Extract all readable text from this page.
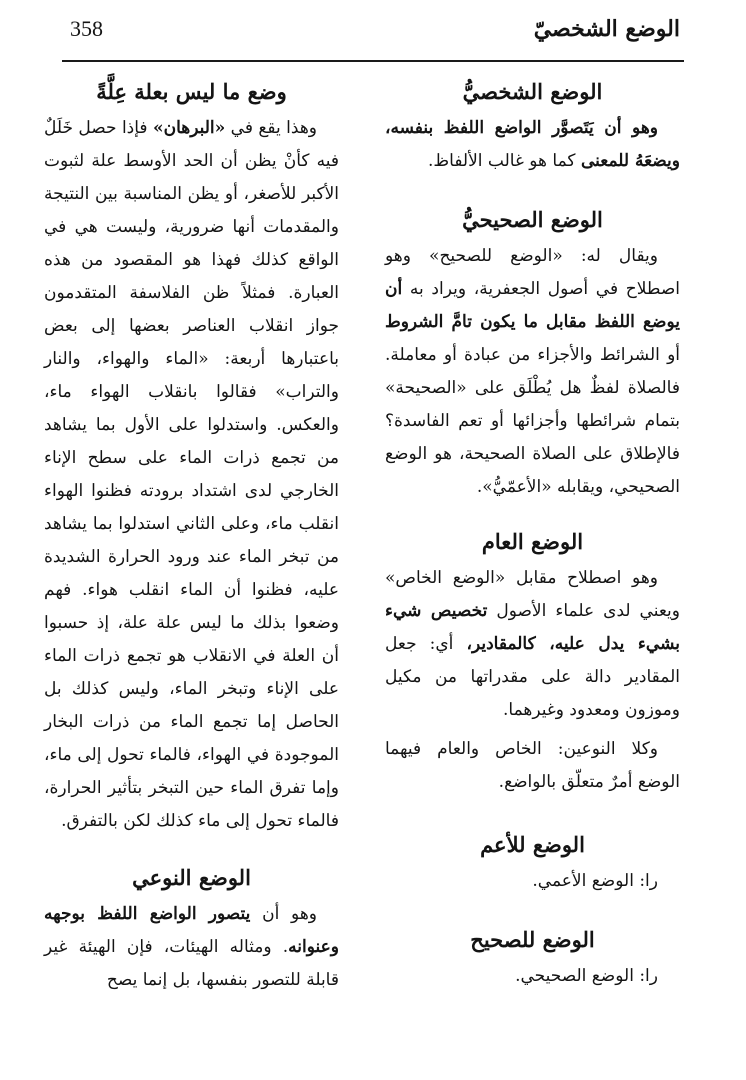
358	الوضع الشخصيّ
الوضع الشخصيُّ

وهو أن يَتَصوَّر الواضع اللفظ بنفسه، ويضعَهُ للمعنى كما هو غالب الألفاظ.

الوضع الصحيحيُّ

ويقال له: «الوضع للصحيح» وهو اصطلاح في أصول الجعفرية، ويراد به أن يوضع اللفظ مقابل ما يكون تامَّ الشروط أو الشرائط والأجزاء من عبادة أو معاملة. فالصلاة لفظٌ هل يُطْلَق على «الصحيحة» بتمام شرائطها وأجزائها أو تعم الفاسدة؟ فالإطلاق على الصلاة الصحيحة، هو الوضع الصحيحي، ويقابله «الأعمّيُّ».

الوضع العام

وهو اصطلاح مقابل «الوضع الخاص» ويعني لدى علماء الأصول تخصيص شيء بشيء يدل عليه، كالمقادير، أي: جعل المقادير دالة على مقدراتها من مكيل وموزون ومعدود وغيرهما.

وكلا النوعين: الخاص والعام فيهما الوضع أمرٌ متعلّق بالواضع.

الوضع للأعم

را: الوضع الأعمي.

الوضع للصحيح

را: الوضع الصحيحي.

وضع ما ليس بعلة عِلَّةً

وهذا يقع في «البرهان» فإذا حصل خَلَلٌ فيه كأنْ يظن أن الحد الأوسط علة لثبوت الأكبر للأصغر، أو يظن المناسبة بين النتيجة والمقدمات أنها ضرورية، وليست هي في الواقع كذلك فهذا هو المقصود من هذه العبارة. فمثلاً ظن الفلاسفة المتقدمون جواز انقلاب العناصر بعضها إلى بعض باعتبارها أربعة: «الماء والهواء، والنار والتراب» فقالوا بانقلاب الهواء ماء، والعكس. واستدلوا على الأول بما يشاهد من تجمع ذرات الماء على سطح الإناء الخارجي لدى اشتداد برودته فظنوا الهواء انقلب ماء، وعلى الثاني استدلوا بما يشاهد من تبخر الماء عند ورود الحرارة الشديدة عليه، فظنوا أن الماء انقلب هواء. فهم وضعوا بذلك ما ليس علة علة، إذ حسبوا أن العلة في الانقلاب هو تجمع ذرات الماء على الإناء وتبخر الماء، وليس كذلك بل الحاصل إما تجمع الماء من ذرات البخار الموجودة في الهواء، فالماء تحول إلى ماء، وإما تفرق الماء حين التبخر بتأثير الحرارة، فالماء تحول إلى ماء كذلك لكن بالتفرق.

الوضع النوعي

وهو أن يتصور الواضع اللفظ بوجهه وعنوانه. ومثاله الهيئات، فإن الهيئة غير قابلة للتصور بنفسها، بل إنما يصح
